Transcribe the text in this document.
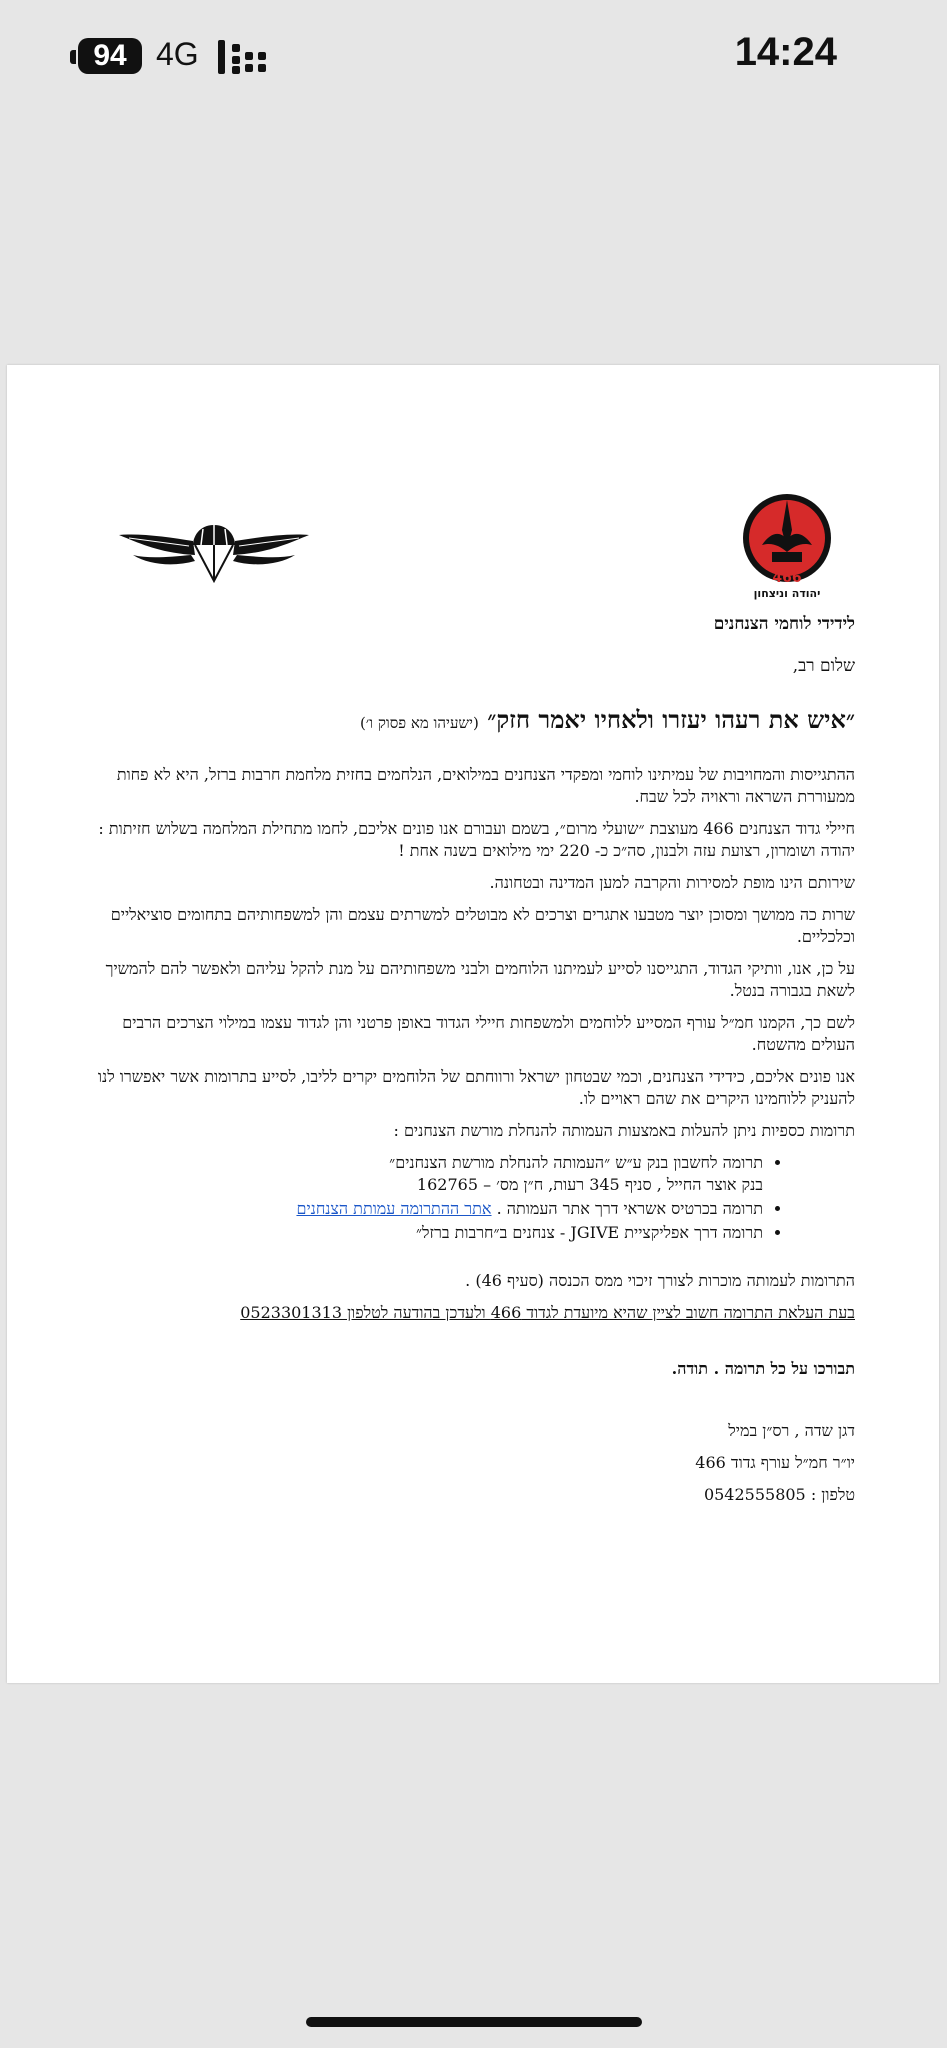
94 4G	14:24
466
יהודה וניצחון
לידידי לוחמי הצנחנים
שלום רב,
״איש את רעהו יעזרו ולאחיו יאמר חזק״ (ישעיהו מא פסוק ו׳)
ההתגייסות והמחויבות של עמיתינו לוחמי ומפקדי הצנחנים במילואים, הנלחמים בחזית מלחמת חרבות ברזל, היא לא פחות ממעוררת השראה וראויה לכל שבח.
חיילי גדוד הצנחנים 466 מעוצבת ״שועלי מרום״, בשמם ועבורם אנו פונים אליכם, לחמו מתחילת המלחמה בשלוש חזיתות : יהודה ושומרון, רצועת עזה ולבנון, סה״כ כ- 220 ימי מילואים בשנה אחת !
שירותם הינו מופת למסירות והקרבה למען המדינה ובטחונה.
שרות כה ממושך ומסוכן יוצר מטבעו אתגרים וצרכים לא מבוטלים למשרתים עצמם והן למשפחותיהם בתחומים סוציאליים וכלכליים.
על כן, אנו, וותיקי הגדוד, התגייסנו לסייע לעמיתנו הלוחמים ולבני משפחותיהם על מנת להקל עליהם ולאפשר להם להמשיך לשאת בגבורה בנטל.
לשם כך, הקמנו חמ״ל עורף המסייע ללוחמים ולמשפחות חיילי הגדוד באופן פרטני והן לגדוד עצמו במילוי הצרכים הרבים העולים מהשטח.
אנו פונים אליכם, כידידי הצנחנים, וכמי שבטחון ישראל ורווחתם של הלוחמים יקרים לליבו, לסייע בתרומות אשר יאפשרו לנו להעניק ללוחמינו היקרים את שהם ראויים לו.
תרומות כספיות ניתן להעלות באמצעות העמותה להנחלת מורשת הצנחנים :
• תרומה לחשבון בנק ע״ש ״העמותה להנחלת מורשת הצנחנים״
בנק אוצר החייל , סניף 345 רעות, ח״ן מס׳ – 162765
• תרומה בכרטיס אשראי דרך אתר העמותה . אתר ההתרומה עמותת הצנחנים
• תרומה דרך אפליקציית JGIVE - צנחנים ב״חרבות ברזל״
התרומות לעמותה מוכרות לצורך זיכוי ממס הכנסה (סעיף 46) .
בעת העלאת התרומה חשוב לציין שהיא מיועדת לגדוד 466 ולעדכן בהודעה לטלפון 0523301313
תבורכו על כל תרומה . תודה.
דגן שדה , רס״ן במיל
יו״ר חמ״ל עורף גדוד 466
טלפון : 0542555805
